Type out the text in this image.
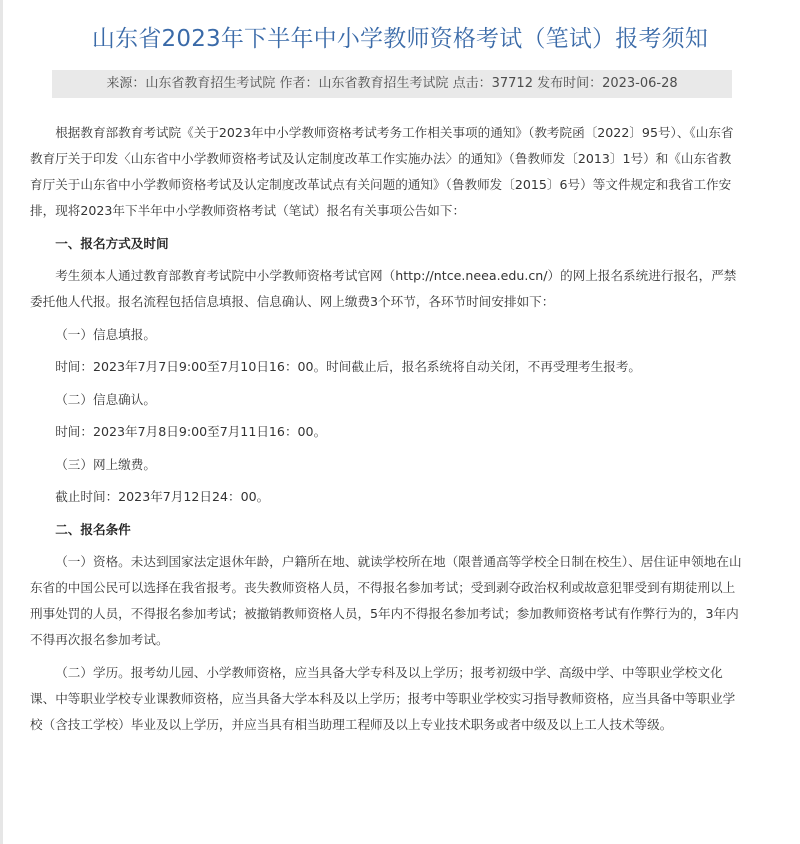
山东省2023年下半年中小学教师资格考试（笔试）报考须知
来源：山东省教育招生考试院 作者：山东省教育招生考试院 点击：37712 发布时间：2023-06-28

根据教育部教育考试院《关于2023年中小学教师资格考试考务工作相关事项的通知》（教考院函〔2022〕95号）、《山东省教育厅关于印发〈山东省中小学教师资格考试及认定制度改革工作实施办法〉的通知》（鲁教师发〔2013〕1号）和《山东省教育厅关于山东省中小学教师资格考试及认定制度改革试点有关问题的通知》（鲁教师发〔2015〕6号）等文件规定和我省工作安排，现将2023年下半年中小学教师资格考试（笔试）报名有关事项公告如下：

一、报名方式及时间

考生须本人通过教育部教育考试院中小学教师资格考试官网（http://ntce.neea.edu.cn/）的网上报名系统进行报名，严禁委托他人代报。报名流程包括信息填报、信息确认、网上缴费3个环节，各环节时间安排如下：

（一）信息填报。

时间：2023年7月7日9:00至7月10日16：00。时间截止后，报名系统将自动关闭，不再受理考生报考。

（二）信息确认。

时间：2023年7月8日9:00至7月11日16：00。

（三）网上缴费。

截止时间：2023年7月12日24：00。

二、报名条件

（一）资格。未达到国家法定退休年龄，户籍所在地、就读学校所在地（限普通高等学校全日制在校生）、居住证申领地在山东省的中国公民可以选择在我省报考。丧失教师资格人员，不得报名参加考试；受到剥夺政治权利或故意犯罪受到有期徒刑以上刑事处罚的人员，不得报名参加考试；被撤销教师资格人员，5年内不得报名参加考试；参加教师资格考试有作弊行为的，3年内不得再次报名参加考试。

（二）学历。报考幼儿园、小学教师资格，应当具备大学专科及以上学历；报考初级中学、高级中学、中等职业学校文化课、中等职业学校专业课教师资格，应当具备大学本科及以上学历；报考中等职业学校实习指导教师资格，应当具备中等职业学校（含技工学校）毕业及以上学历，并应当具有相当助理工程师及以上专业技术职务或者中级及以上工人技术等级。
